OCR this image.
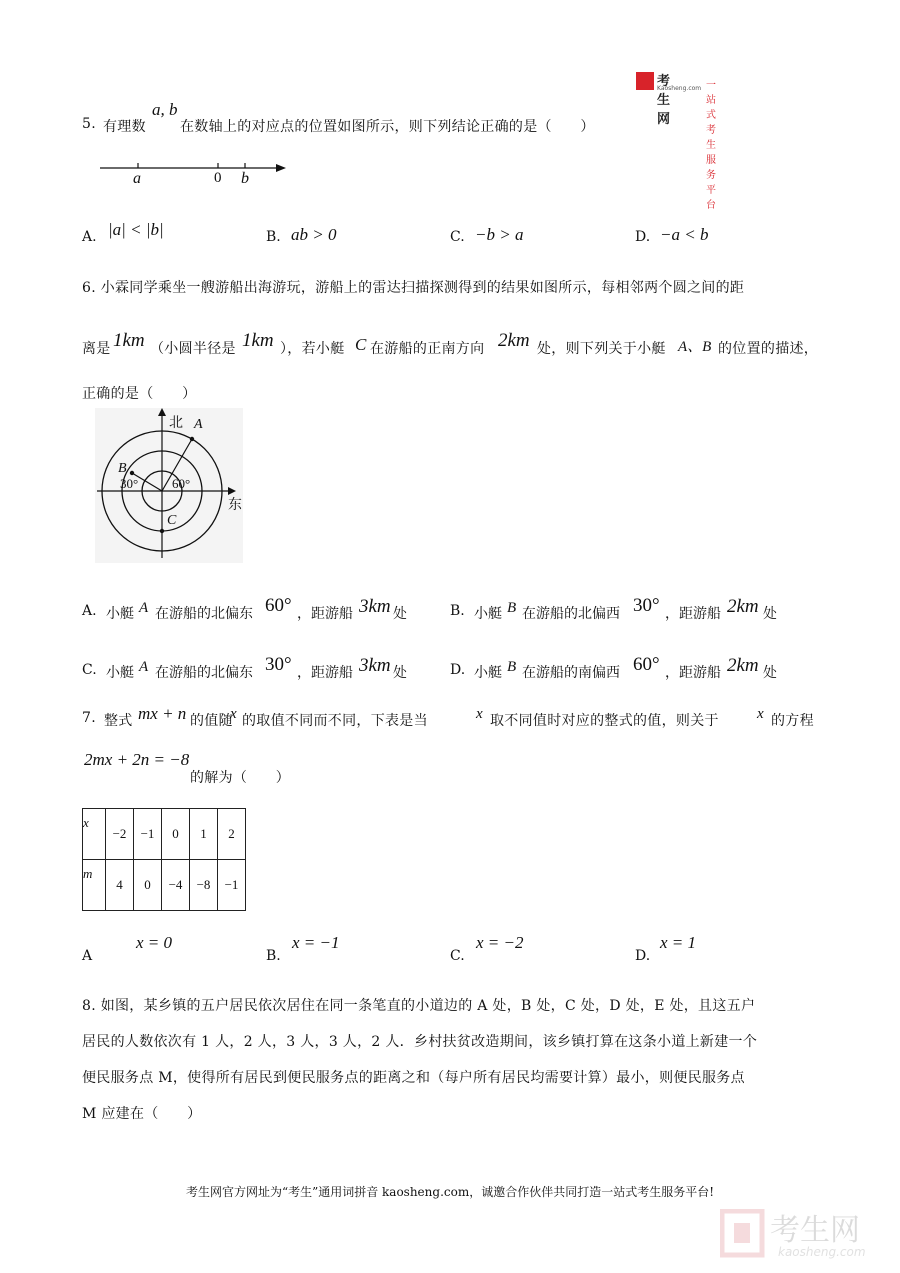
考生网
Kaosheng.com 一站式考生服务平台
5. 有理数
a, b
在数轴上的对应点的位置如图所示，则下列结论正确的是（　　）
a	0 b
A. |a| < |b|	B. ab > 0	C. −b > a	D. −a < b
6. 小霖同学乘坐一艘游船出海游玩，游船上的雷达扫描探测得到的结果如图所示，每相邻两个圆之间的距
离是 1km （小圆半径是 1km ），若小艇 C 在游船的正南方向 2km 处，则下列关于小艇 A、B 的位置的描述，
正确的是（　　）
北
东
A
B
C
30°	60°
A. 小艇 A 在游船的北偏东 60° ，距游船 3km 处	B. 小艇 B 在游船的北偏西 30° ，距游船 2km 处
C. 小艇 A 在游船的北偏东 30° ，距游船 3km 处	D. 小艇 B 在游船的南偏西 60° ，距游船 2km 处
7. 整式 mx + n 的值随
x 的取值不同而不同，下表是当	x 取不同值时对应的整式的值，则关于	x 的方程
2mx + 2n = −8
的解为（　　）
x	−2	−1	0	1	2
m	4	0	−4	−8	−1
A
x = 0
B.
x = −1
C.
x = −2
D.
x = 1
8. 如图，某乡镇的五户居民依次居住在同一条笔直的小道边的 A 处，B 处，C 处，D 处，E 处，且这五户
居民的人数依次有 1 人，2 人，3 人，3 人，2 人．乡村扶贫改造期间，该乡镇打算在这条小道上新建一个
便民服务点 M，使得所有居民到便民服务点的距离之和（每户所有居民均需要计算）最小，则便民服务点
M 应建在（　　）
考生网官方网址为“考生”通用词拼音 kaosheng.com，诚邀合作伙伴共同打造一站式考生服务平台!
考生网
kaosheng.com
